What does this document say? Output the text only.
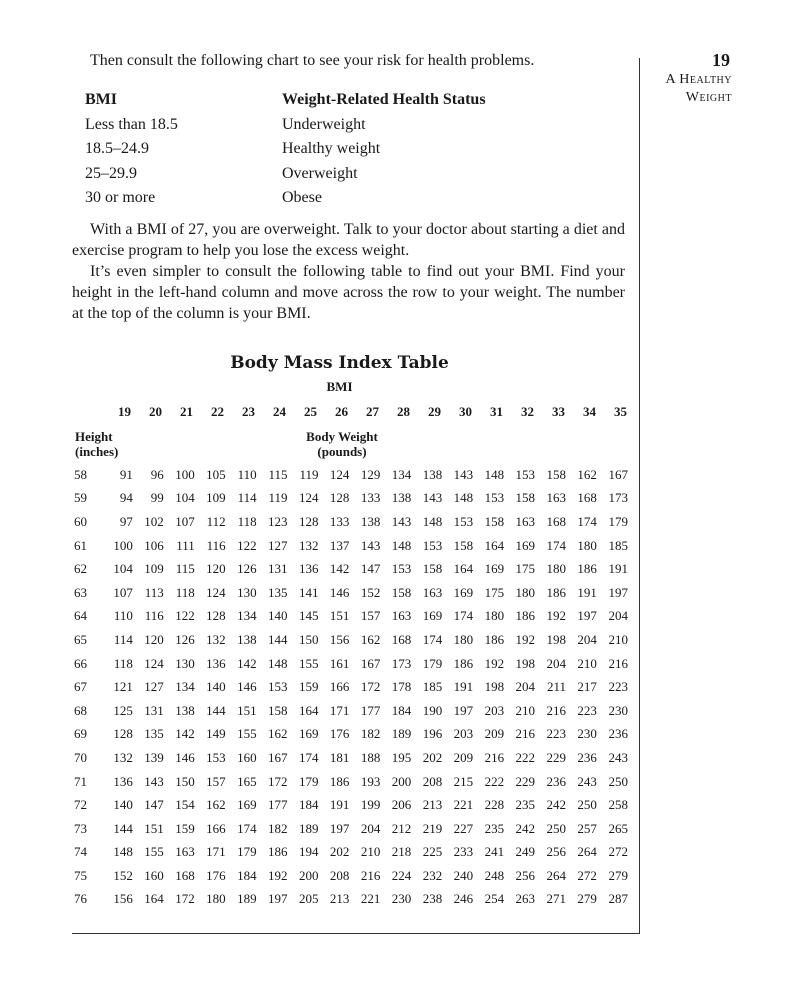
19
A Healthy
Weight
Then consult the following chart to see your risk for health problems.
BMI	Weight-Related Health Status
Less than 18.5	Underweight
18.5–24.9	Healthy weight
25–29.9	Overweight
30 or more	Obese

With a BMI of 27, you are overweight. Talk to your doctor about starting a diet and exercise program to help you lose the excess weight.

It’s even simpler to consult the following table to find out your BMI. Find your height in the left-hand column and move across the row to your weight. The number at the top of the column is your BMI.

Body Mass Index Table
BMI
19	20	21	22	23	24	25	26	27	28	29	30	31	32	33	34	35
Height
(inches)
Body Weight
(pounds)
58	91	96	100	105	110	115	119	124	129	134	138	143	148	153	158	162	167
59	94	99	104	109	114	119	124	128	133	138	143	148	153	158	163	168	173
60	97	102	107	112	118	123	128	133	138	143	148	153	158	163	168	174	179
61	100	106	111	116	122	127	132	137	143	148	153	158	164	169	174	180	185
62	104	109	115	120	126	131	136	142	147	153	158	164	169	175	180	186	191
63	107	113	118	124	130	135	141	146	152	158	163	169	175	180	186	191	197
64	110	116	122	128	134	140	145	151	157	163	169	174	180	186	192	197	204
65	114	120	126	132	138	144	150	156	162	168	174	180	186	192	198	204	210
66	118	124	130	136	142	148	155	161	167	173	179	186	192	198	204	210	216
67	121	127	134	140	146	153	159	166	172	178	185	191	198	204	211	217	223
68	125	131	138	144	151	158	164	171	177	184	190	197	203	210	216	223	230
69	128	135	142	149	155	162	169	176	182	189	196	203	209	216	223	230	236
70	132	139	146	153	160	167	174	181	188	195	202	209	216	222	229	236	243
71	136	143	150	157	165	172	179	186	193	200	208	215	222	229	236	243	250
72	140	147	154	162	169	177	184	191	199	206	213	221	228	235	242	250	258
73	144	151	159	166	174	182	189	197	204	212	219	227	235	242	250	257	265
74	148	155	163	171	179	186	194	202	210	218	225	233	241	249	256	264	272
75	152	160	168	176	184	192	200	208	216	224	232	240	248	256	264	272	279
76	156	164	172	180	189	197	205	213	221	230	238	246	254	263	271	279	287
